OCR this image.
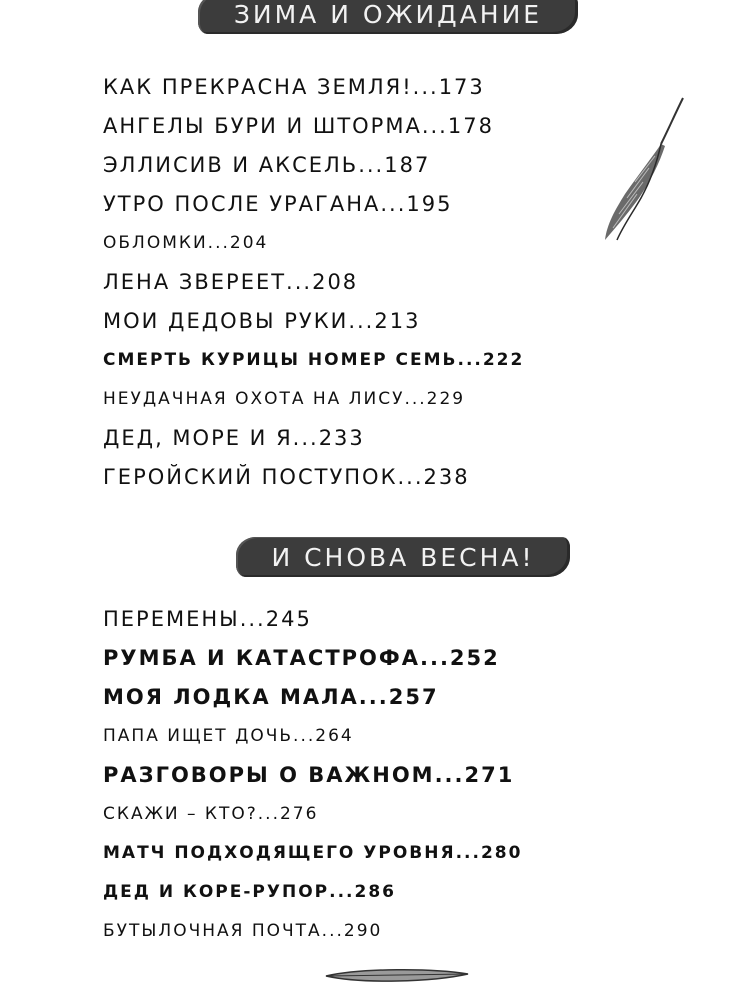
ЗИМА И ОЖИДАНИЕ
КАК ПРЕКРАСНА ЗЕМЛЯ!...173
АНГЕЛЫ БУРИ И ШТОРМА...178
ЭЛЛИСИВ И АКСЕЛЬ...187
УТРО ПОСЛЕ УРАГАНА...195
ОБЛОМКИ...204
ЛЕНА ЗВЕРЕЕТ...208
МОИ ДЕДОВЫ РУКИ...213
СМЕРТЬ КУРИЦЫ НОМЕР СЕМЬ...222
НЕУДАЧНАЯ ОХОТА НА ЛИСУ...229
ДЕД, МОРЕ И Я...233
ГЕРОЙСКИЙ ПОСТУПОК...238
И СНОВА ВЕСНА!
ПЕРЕМЕНЫ...245
РУМБА И КАТАСТРОФА...252
МОЯ ЛОДКА МАЛА...257
ПАПА ИЩЕТ ДОЧЬ...264
РАЗГОВОРЫ О ВАЖНОМ...271
СКАЖИ – КТО?...276
МАТЧ ПОДХОДЯЩЕГО УРОВНЯ...280
ДЕД И КОРЕ-РУПОР...286
БУТЫЛОЧНАЯ ПОЧТА...290
